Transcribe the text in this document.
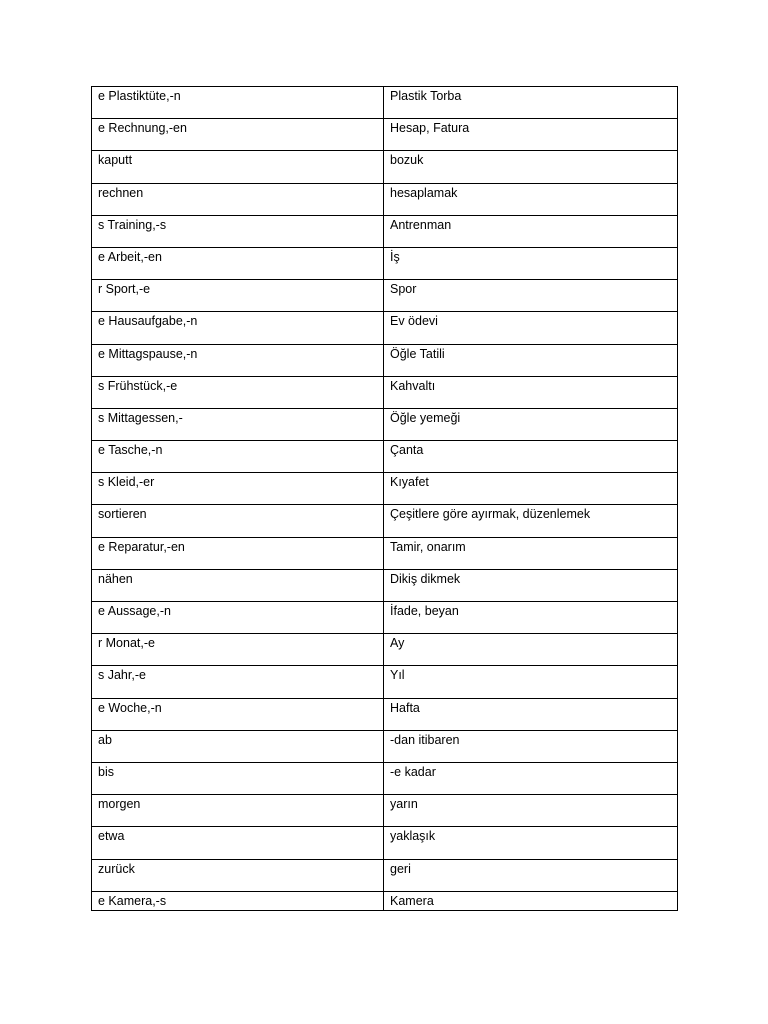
e Plastiktüte,-n	Plastik Torba
e Rechnung,-en	Hesap, Fatura
kaputt	bozuk
rechnen	hesaplamak
s Training,-s	Antrenman
e Arbeit,-en	İş
r Sport,-e	Spor
e Hausaufgabe,-n	Ev ödevi
e Mittagspause,-n	Öğle Tatili
s Frühstück,-e	Kahvaltı
s Mittagessen,-	Öğle yemeği
e Tasche,-n	Çanta
s Kleid,-er	Kıyafet
sortieren	Çeşitlere göre ayırmak, düzenlemek
e Reparatur,-en	Tamir, onarım
nähen	Dikiş dikmek
e Aussage,-n	İfade, beyan
r Monat,-e	Ay
s Jahr,-e	Yıl
e Woche,-n	Hafta
ab	-dan itibaren
bis	-e kadar
morgen	yarın
etwa	yaklaşık
zurück	geri
e Kamera,-s	Kamera
